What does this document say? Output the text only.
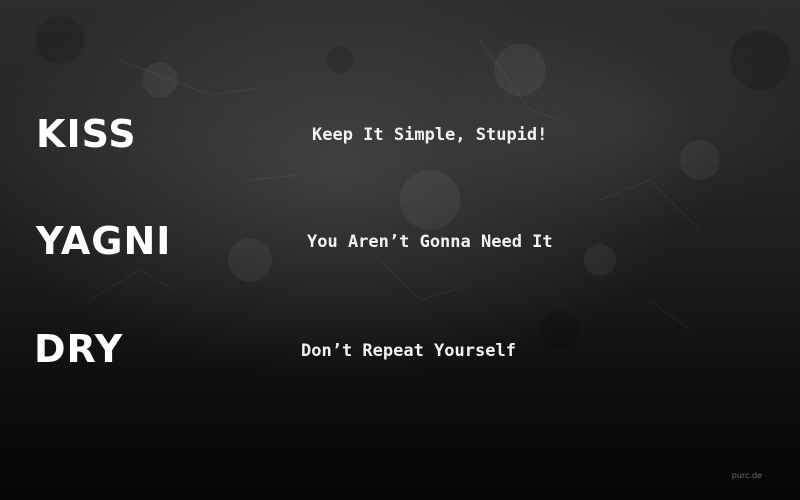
KISS	Keep It Simple, Stupid!
YAGNI	You Aren’t Gonna Need It
DRY	Don’t Repeat Yourself
purc.de
